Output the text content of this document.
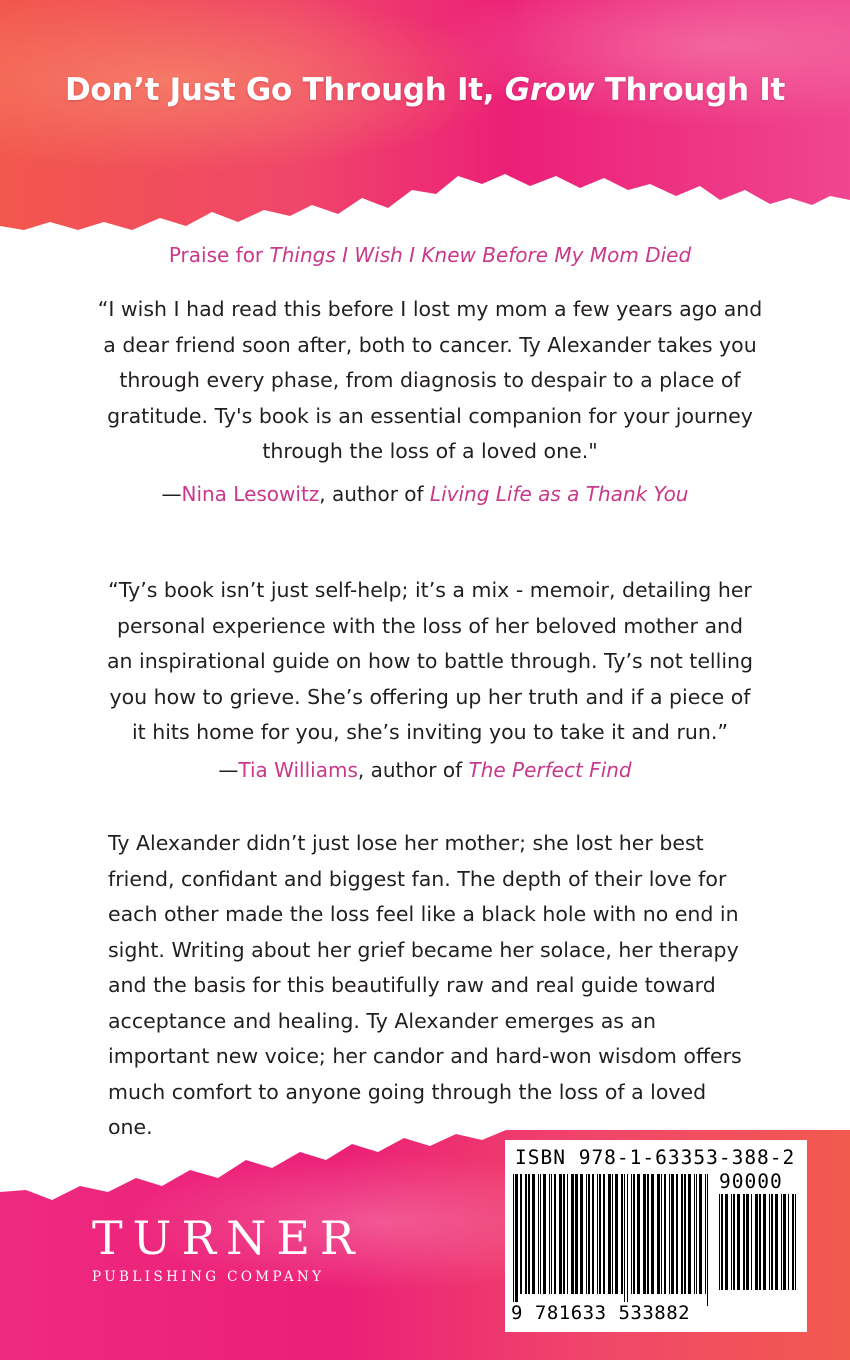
Don’t Just Go Through It, Grow Through It
Praise for Things I Wish I Knew Before My Mom Died
“I wish I had read this before I lost my mom a few years ago and a dear friend soon after, both to cancer. Ty Alexander takes you through every phase, from diagnosis to despair to a place of gratitude. Ty's book is an essential companion for your journey through the loss of a loved one."
—Nina Lesowitz, author of Living Life as a Thank You
“Ty’s book isn’t just self-help; it’s a mix - memoir, detailing her personal experience with the loss of her beloved mother and an inspirational guide on how to battle through. Ty’s not telling you how to grieve. She’s offering up her truth and if a piece of it hits home for you, she’s inviting you to take it and run.”
—Tia Williams, author of The Perfect Find
Ty Alexander didn’t just lose her mother; she lost her best friend, confidant and biggest fan. The depth of their love for each other made the loss feel like a black hole with no end in sight. Writing about her grief became her solace, her therapy and the basis for this beautifully raw and real guide toward acceptance and healing. Ty Alexander emerges as an important new voice; her candor and hard-won wisdom offers much comfort to anyone going through the loss of a loved one.
TURNER
PUBLISHING COMPANY
ISBN 978-1-63353-388-2
90000
9 781633 533882
